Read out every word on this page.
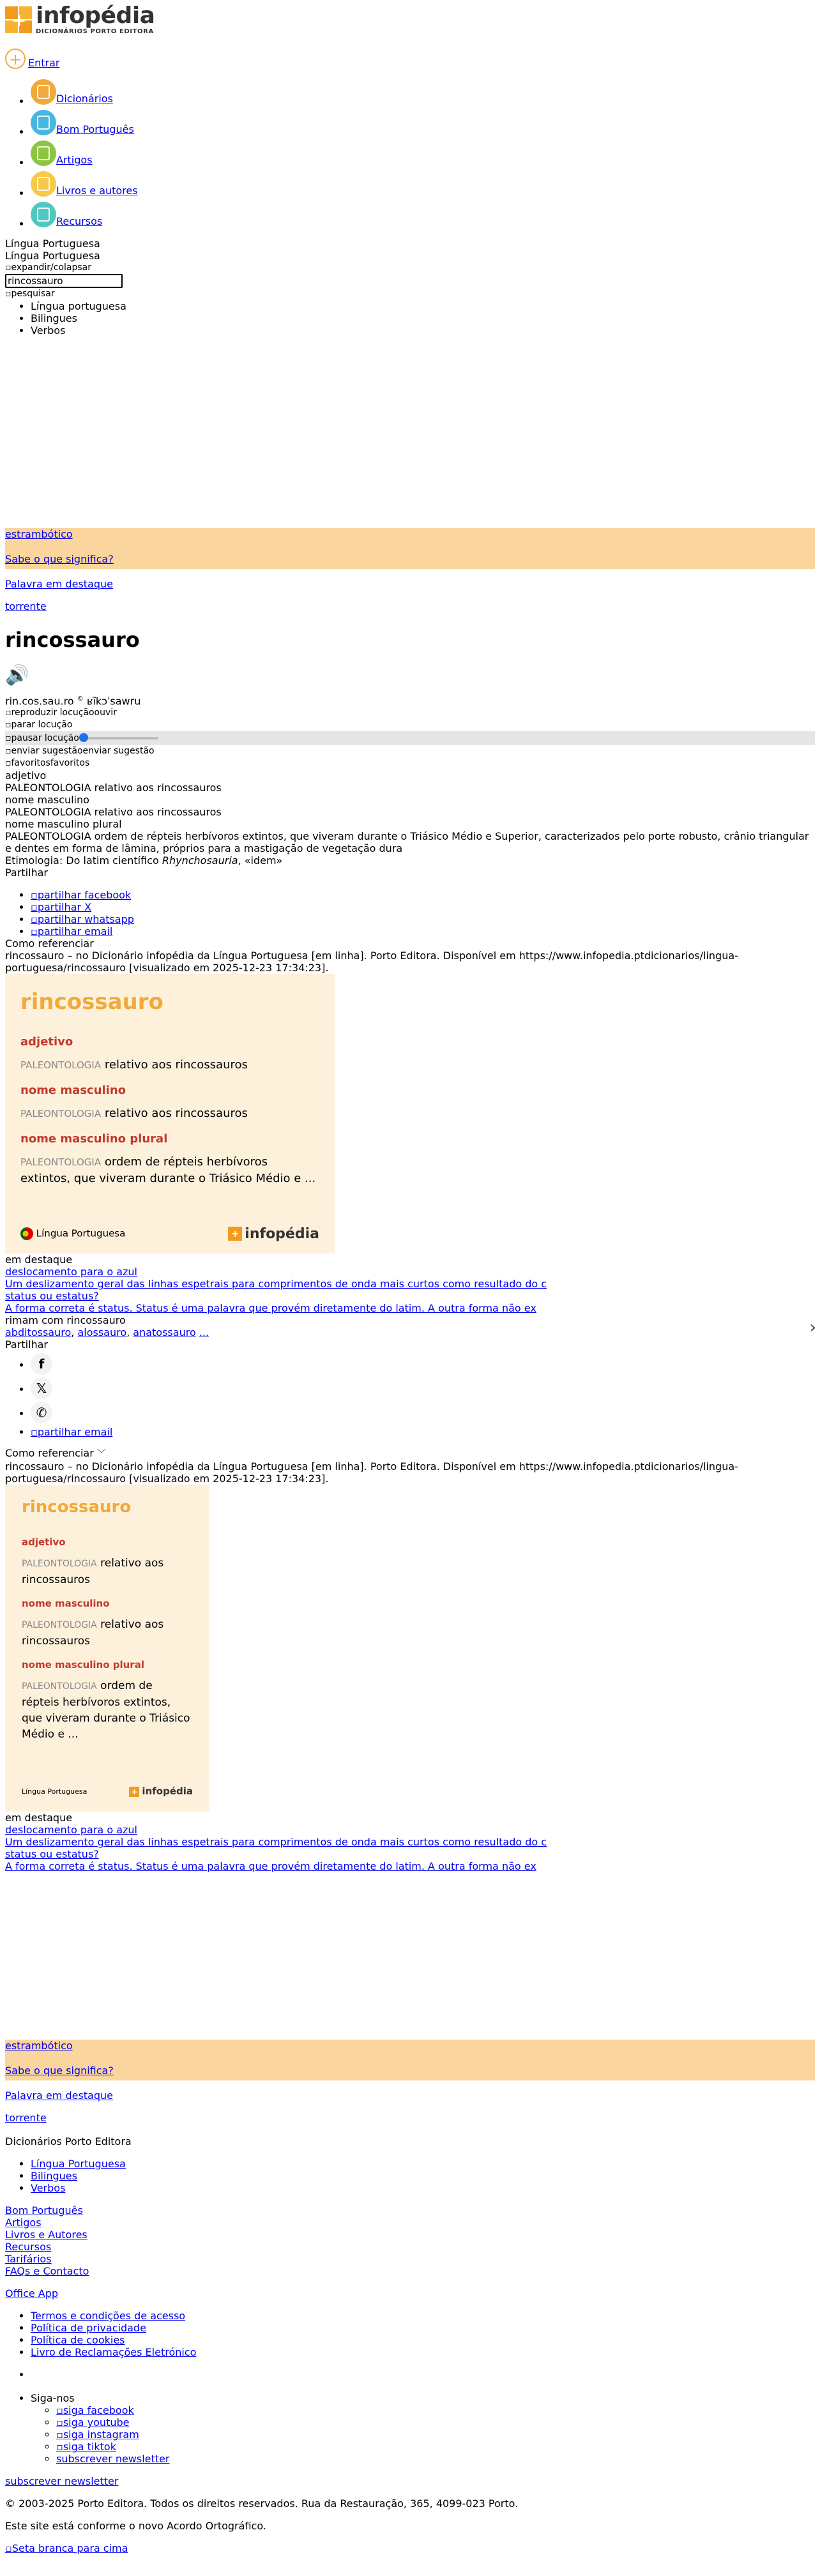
+ infopédia
DICIONÁRIOS PORTO EDITORA
+ Entrar
• Dicionários
• Bom Português
• Artigos
• Livros e autores
• Recursos
Língua Portuguesa
Língua Portuguesa
▫expandir/colapsar
rincossauro
▫pesquisar
• Língua portuguesa
• Bilingues
• Verbos
estrambótico
Sabe o que significa?
Palavra em destaque
torrente
rincossauro
🔊
rin.cos.sau.ro © ʁĩkɔˈsawru
▫reproduzir locuçãoouvir
▫parar locução
▫pausar locução
▫enviar sugestãoenviar sugestão
▫favoritosfavoritos
adjetivo
PALEONTOLOGIA relativo aos rincossauros
nome masculino
PALEONTOLOGIA relativo aos rincossauros
nome masculino plural
PALEONTOLOGIA ordem de répteis herbívoros extintos, que viveram durante o Triásico Médio e Superior, caracterizados pelo porte robusto, crânio triangular e dentes em forma de lâmina, próprios para a mastigação de vegetação dura
Etimologia: Do latim científico Rhynchosauria, «idem»
Partilhar
• ▫partilhar facebook
• ▫partilhar X
• ▫partilhar whatsapp
• ▫partilhar email
Como referenciar
rincossauro – no Dicionário infopédia da Língua Portuguesa [em linha]. Porto Editora. Disponível em https://www.infopedia.ptdicionarios/lingua-portuguesa/rincossauro [visualizado em 2025-12-23 17:34:23].
rincossauro
adjetivo
PALEONTOLOGIA relativo aos rincossauros
nome masculino
PALEONTOLOGIA relativo aos rincossauros
nome masculino plural
PALEONTOLOGIA ordem de répteis herbívoros extintos, que viveram durante o Triásico Médio e ...
Língua Portuguesa	+ infopédia
em destaque
deslocamento para o azul
Um deslizamento geral das linhas espetrais para comprimentos de onda mais curtos como resultado do c
status ou estatus?
A forma correta é status. Status é uma palavra que provém diretamente do latim. A outra forma não ex
rimam com rincossauro
abditossauro, alossauro, anatossauro ...
Partilhar
• f
• 𝕏
• ✆
• ▫partilhar email
Como referenciar ﹀
rincossauro – no Dicionário infopédia da Língua Portuguesa [em linha]. Porto Editora. Disponível em https://www.infopedia.ptdicionarios/lingua-portuguesa/rincossauro [visualizado em 2025-12-23 17:34:23].
rincossauro
adjetivo
PALEONTOLOGIA relativo aos rincossauros
nome masculino
PALEONTOLOGIA relativo aos rincossauros
nome masculino plural
PALEONTOLOGIA ordem de répteis herbívoros extintos, que viveram durante o Triásico Médio e ...
Língua Portuguesa	+ infopédia
em destaque
deslocamento para o azul
Um deslizamento geral das linhas espetrais para comprimentos de onda mais curtos como resultado do c
status ou estatus?
A forma correta é status. Status é uma palavra que provém diretamente do latim. A outra forma não ex
estrambótico
Sabe o que significa?
Palavra em destaque
torrente
Dicionários Porto Editora
• Língua Portuguesa
• Bilingues
• Verbos
Bom Português
Artigos
Livros e Autores
Recursos
Tarifários
FAQs e Contacto
Office App
• Termos e condições de acesso
• Política de privacidade
• Política de cookies
• Livro de Reclamações Eletrónico
•
• Siga-nos
◦ ▫siga facebook
◦ ▫siga youtube
◦ ▫siga instagram
◦ ▫siga tiktok
◦ subscrever newsletter
subscrever newsletter

© 2003-2025 Porto Editora. Todos os direitos reservados. Rua da Restauração, 365, 4099-023 Porto.

Este site está conforme o novo Acordo Ortográfico.

▫Seta branca para cima
›
